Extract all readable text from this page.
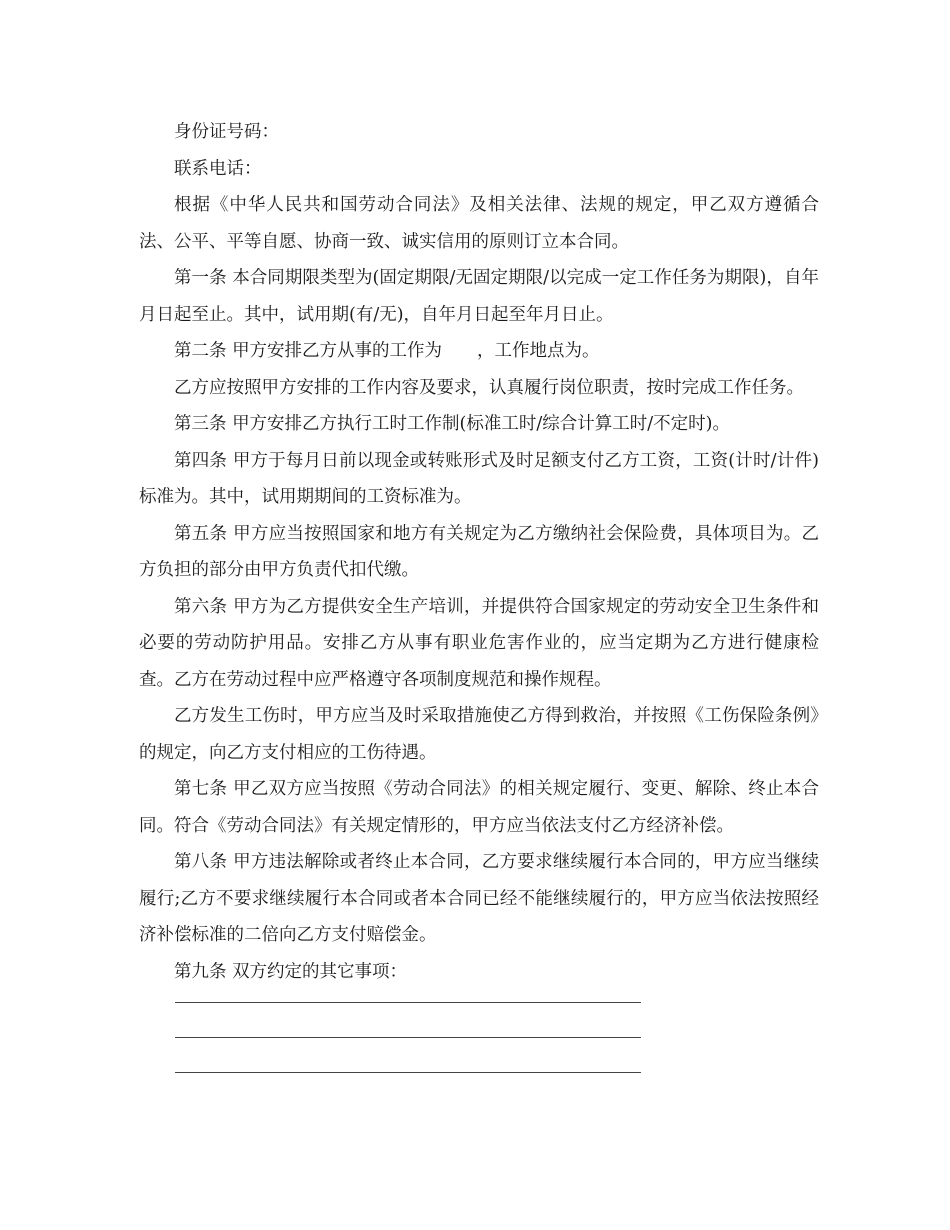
身份证号码：

联系电话：

根据《中华人民共和国劳动合同法》及相关法律、法规的规定，甲乙双方遵循合法、公平、平等自愿、协商一致、诚实信用的原则订立本合同。

第一条 本合同期限类型为(固定期限/无固定期限/以完成一定工作任务为期限)，自年月日起至止。其中，试用期(有/无)，自年月日起至年月日止。

第二条 甲方安排乙方从事的工作为　　，工作地点为。

乙方应按照甲方安排的工作内容及要求，认真履行岗位职责，按时完成工作任务。

第三条 甲方安排乙方执行工时工作制(标准工时/综合计算工时/不定时)。

第四条 甲方于每月日前以现金或转账形式及时足额支付乙方工资，工资(计时/计件)标准为。其中，试用期期间的工资标准为。

第五条 甲方应当按照国家和地方有关规定为乙方缴纳社会保险费，具体项目为。乙方负担的部分由甲方负责代扣代缴。

第六条 甲方为乙方提供安全生产培训，并提供符合国家规定的劳动安全卫生条件和必要的劳动防护用品。安排乙方从事有职业危害作业的，应当定期为乙方进行健康检查。乙方在劳动过程中应严格遵守各项制度规范和操作规程。

乙方发生工伤时，甲方应当及时采取措施使乙方得到救治，并按照《工伤保险条例》的规定，向乙方支付相应的工伤待遇。

第七条 甲乙双方应当按照《劳动合同法》的相关规定履行、变更、解除、终止本合同。符合《劳动合同法》有关规定情形的，甲方应当依法支付乙方经济补偿。

第八条 甲方违法解除或者终止本合同，乙方要求继续履行本合同的，甲方应当继续履行;乙方不要求继续履行本合同或者本合同已经不能继续履行的，甲方应当依法按照经济补偿标准的二倍向乙方支付赔偿金。

第九条 双方约定的其它事项：
